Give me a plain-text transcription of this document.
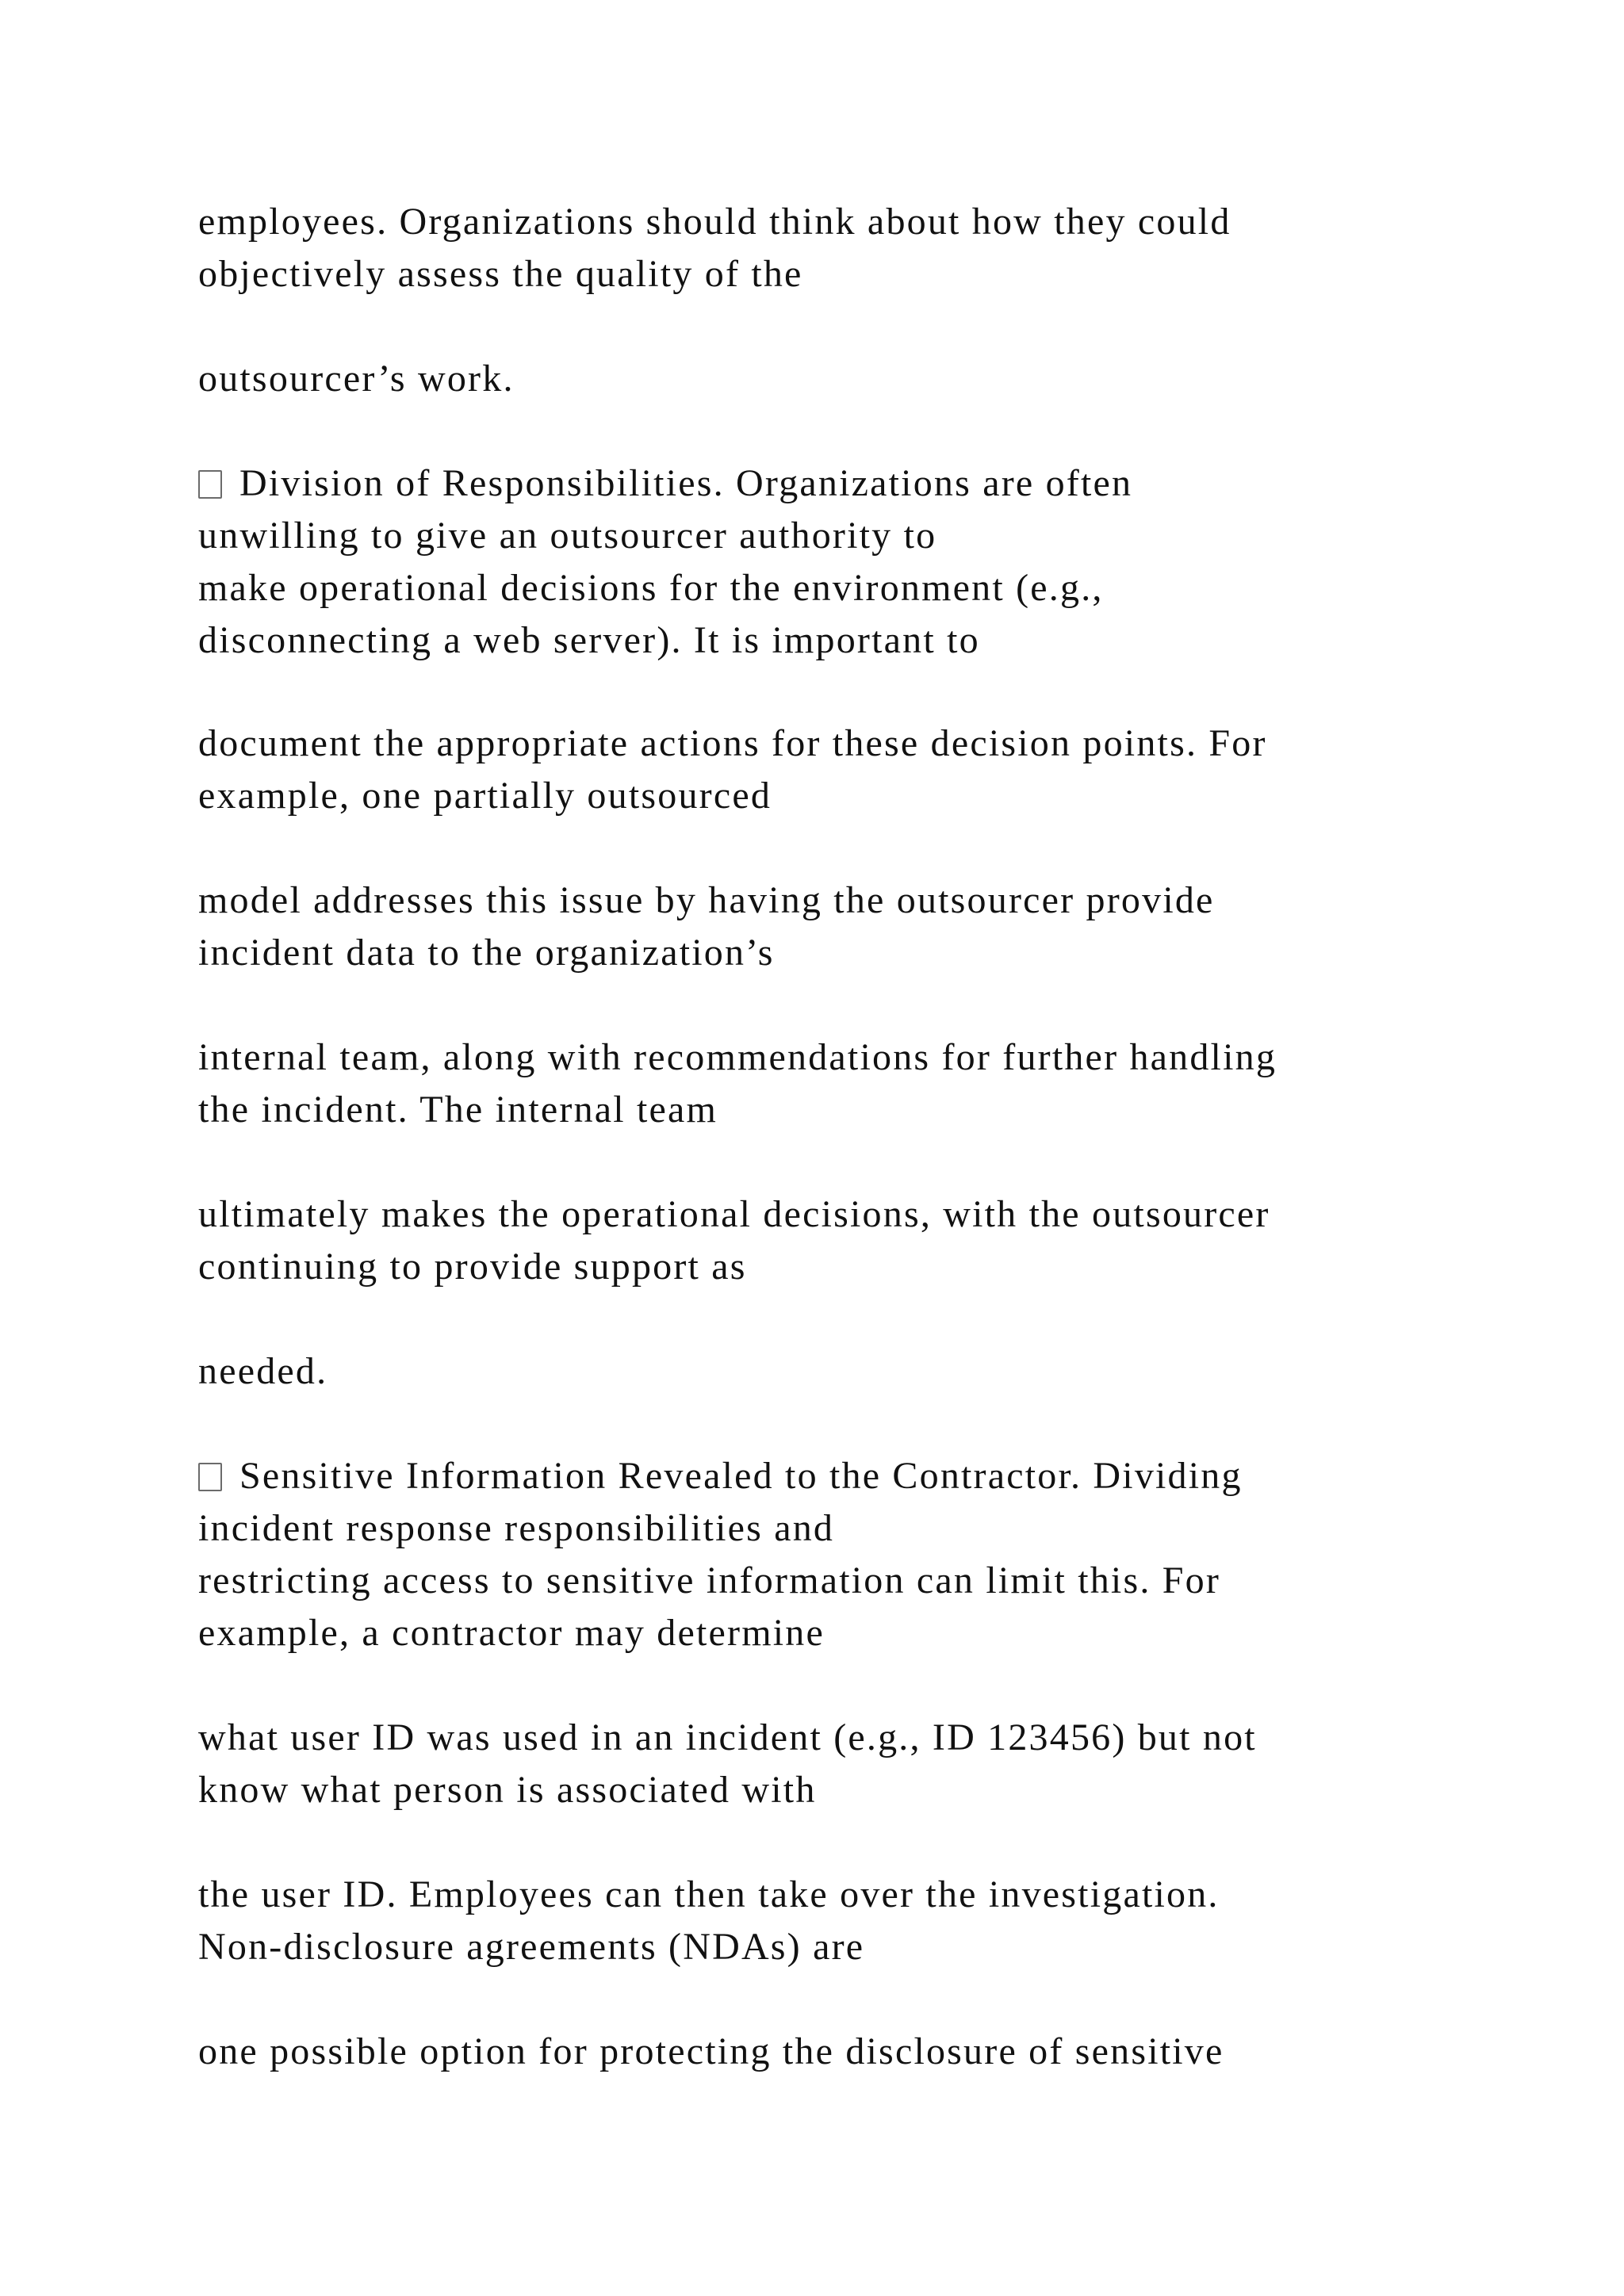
employees. Organizations should think about how they could
objectively assess the quality of the
outsourcer’s work.
Division of Responsibilities. Organizations are often
unwilling to give an outsourcer authority to
make operational decisions for the environment (e.g.,
disconnecting a web server). It is important to
document the appropriate actions for these decision points. For
example, one partially outsourced
model addresses this issue by having the outsourcer provide
incident data to the organization’s
internal team, along with recommendations for further handling
the incident. The internal team
ultimately makes the operational decisions, with the outsourcer
continuing to provide support as
needed.
Sensitive Information Revealed to the Contractor. Dividing
incident response responsibilities and
restricting access to sensitive information can limit this. For
example, a contractor may determine
what user ID was used in an incident (e.g., ID 123456) but not
know what person is associated with
the user ID. Employees can then take over the investigation.
Non-disclosure agreements (NDAs) are
one possible option for protecting the disclosure of sensitive
